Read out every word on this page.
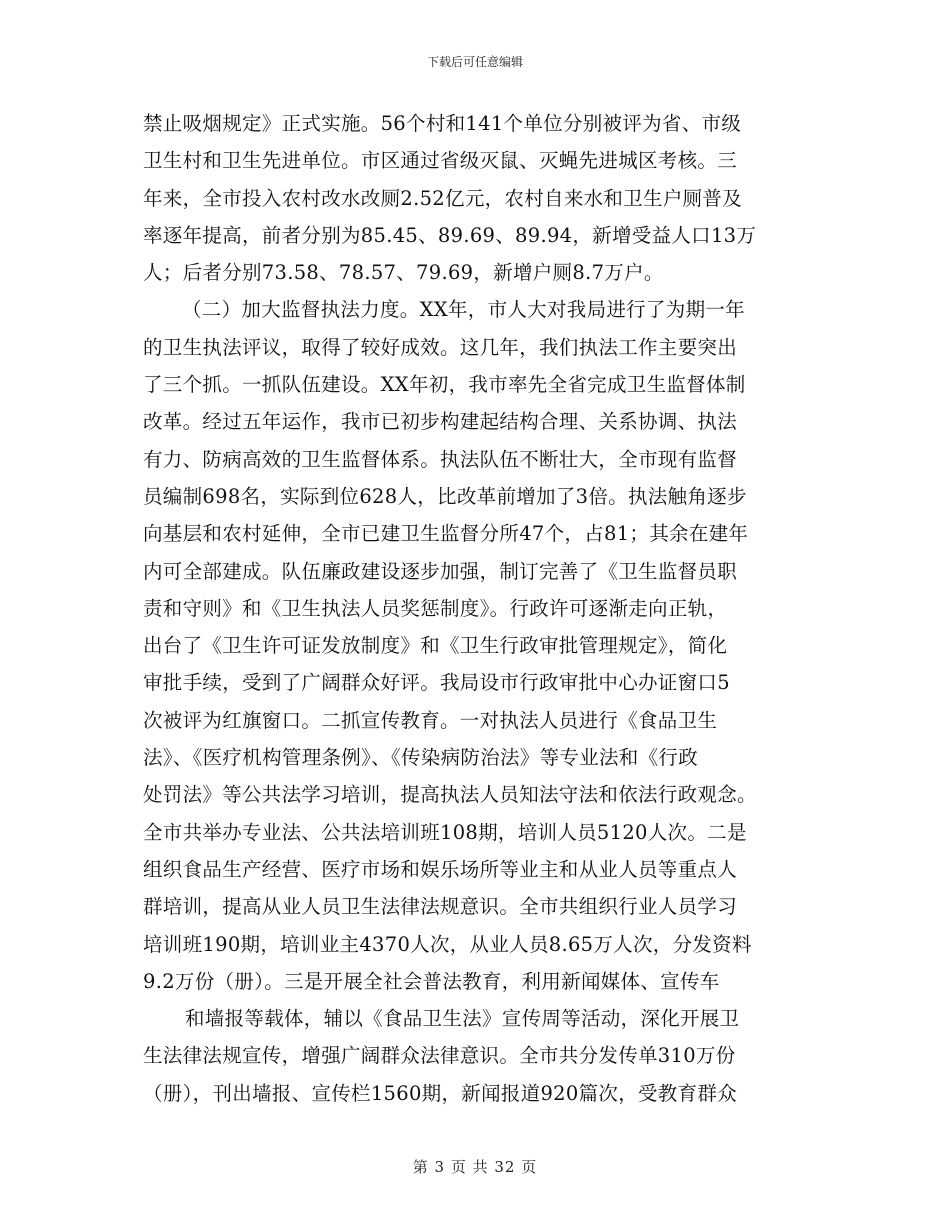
下载后可任意编辑
禁止吸烟规定》正式实施。56个村和141个单位分别被评为省、市级
卫生村和卫生先进单位。市区通过省级灭鼠、灭蝇先进城区考核。三
年来，全市投入农村改水改厕2.52亿元，农村自来水和卫生户厕普及
率逐年提高，前者分别为85.45、89.69、89.94，新增受益人口13万
人；后者分别73.58、78.57、79.69，新增户厕8.7万户。
（二）加大监督执法力度。XX年，市人大对我局进行了为期一年
的卫生执法评议，取得了较好成效。这几年，我们执法工作主要突出
了三个抓。一抓队伍建设。XX年初，我市率先全省完成卫生监督体制
改革。经过五年运作，我市已初步构建起结构合理、关系协调、执法
有力、防病高效的卫生监督体系。执法队伍不断壮大，全市现有监督
员编制698名，实际到位628人，比改革前增加了3倍。执法触角逐步
向基层和农村延伸，全市已建卫生监督分所47个，占81；其余在建年
内可全部建成。队伍廉政建设逐步加强，制订完善了《卫生监督员职
责和守则》和《卫生执法人员奖惩制度》。行政许可逐渐走向正轨，
出台了《卫生许可证发放制度》和《卫生行政审批管理规定》，简化
审批手续，受到了广阔群众好评。我局设市行政审批中心办证窗口5
次被评为红旗窗口。二抓宣传教育。一对执法人员进行《食品卫生
法》、《医疗机构管理条例》、《传染病防治法》等专业法和《行政
处罚法》等公共法学习培训，提高执法人员知法守法和依法行政观念。
全市共举办专业法、公共法培训班108期，培训人员5120人次。二是
组织食品生产经营、医疗市场和娱乐场所等业主和从业人员等重点人
群培训，提高从业人员卫生法律法规意识。全市共组织行业人员学习
培训班190期，培训业主4370人次，从业人员8.65万人次，分发资料
9.2万份（册）。三是开展全社会普法教育，利用新闻媒体、宣传车
和墙报等载体，辅以《食品卫生法》宣传周等活动，深化开展卫
生法律法规宣传，增强广阔群众法律意识。全市共分发传单310万份
（册），刊出墙报、宣传栏1560期，新闻报道920篇次，受教育群众
第 3 页 共 32 页
